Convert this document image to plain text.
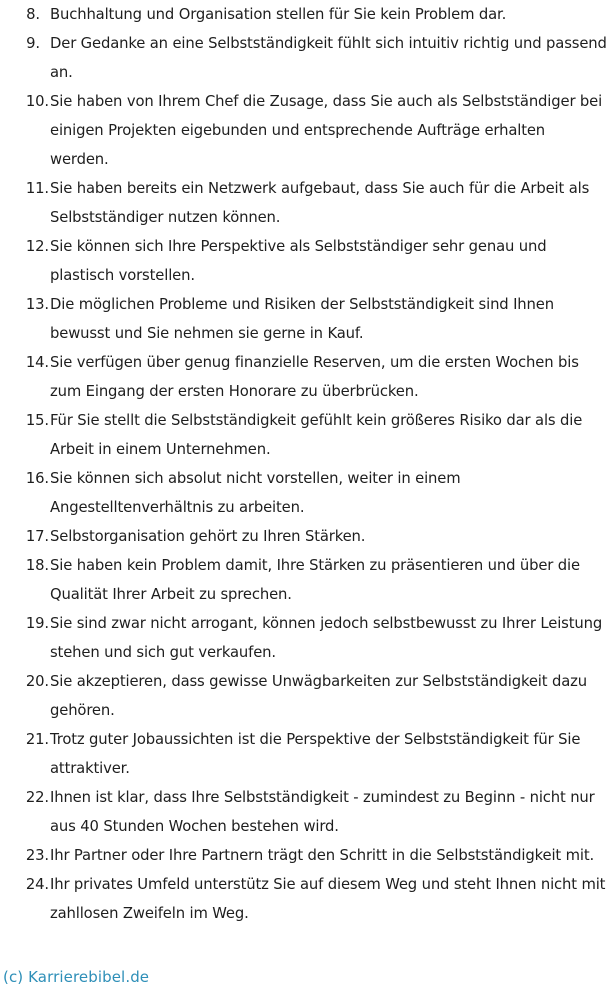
8. Buchhaltung und Organisation stellen für Sie kein Problem dar.
9. Der Gedanke an eine Selbstständigkeit fühlt sich intuitiv richtig und passend an.
10. Sie haben von Ihrem Chef die Zusage, dass Sie auch als Selbstständiger bei einigen Projekten eigebunden und entsprechende Aufträge erhalten werden.
11. Sie haben bereits ein Netzwerk aufgebaut, dass Sie auch für die Arbeit als Selbstständiger nutzen können.
12. Sie können sich Ihre Perspektive als Selbstständiger sehr genau und plastisch vorstellen.
13. Die möglichen Probleme und Risiken der Selbstständigkeit sind Ihnen bewusst und Sie nehmen sie gerne in Kauf.
14. Sie verfügen über genug finanzielle Reserven, um die ersten Wochen bis zum Eingang der ersten Honorare zu überbrücken.
15. Für Sie stellt die Selbstständigkeit gefühlt kein größeres Risiko dar als die Arbeit in einem Unternehmen.
16. Sie können sich absolut nicht vorstellen, weiter in einem Angestelltenverhältnis zu arbeiten.
17. Selbstorganisation gehört zu Ihren Stärken.
18. Sie haben kein Problem damit, Ihre Stärken zu präsentieren und über die Qualität Ihrer Arbeit zu sprechen.
19. Sie sind zwar nicht arrogant, können jedoch selbstbewusst zu Ihrer Leistung stehen und sich gut verkaufen.
20. Sie akzeptieren, dass gewisse Unwägbarkeiten zur Selbstständigkeit dazu gehören.
21. Trotz guter Jobaussichten ist die Perspektive der Selbstständigkeit für Sie attraktiver.
22. Ihnen ist klar, dass Ihre Selbstständigkeit - zumindest zu Beginn - nicht nur aus 40 Stunden Wochen bestehen wird.
23. Ihr Partner oder Ihre Partnern trägt den Schritt in die Selbstständigkeit mit.
24. Ihr privates Umfeld unterstütz Sie auf diesem Weg und steht Ihnen nicht mit zahllosen Zweifeln im Weg.
(c) Karrierebibel.de
